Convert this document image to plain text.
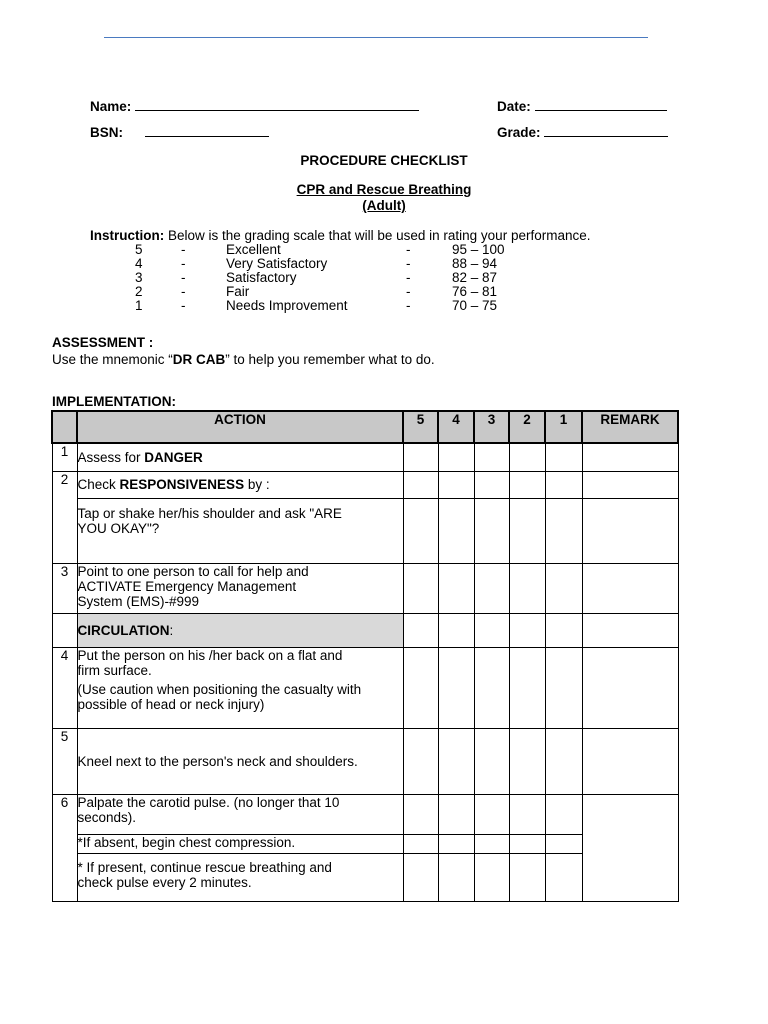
Name:	Date:
BSN:	Grade:
PROCEDURE CHECKLIST
CPR and Rescue Breathing
(Adult)
Instruction: Below is the grading scale that will be used in rating your performance.
5	-	Excellent	-	95 – 100
4	-	Very Satisfactory	-	88 – 94
3	-	Satisfactory	-	82 – 87
2	-	Fair	-	76 – 81
1	-	Needs Improvement	-	70 – 75
ASSESSMENT :
Use the mnemonic “DR CAB” to help you remember what to do.
IMPLEMENTATION:
	ACTION	5	4	3	2	1	REMARK
1	Assess for DANGER						
2	Check RESPONSIVENESS by :						

	Tap or shake her/his shoulder and ask "ARE
YOU OKAY"?						

3	Point to one person to call for help and
ACTIVATE Emergency Management
System (EMS)-#999						

	CIRCULATION:						
4	Put the person on his /her back on a flat and
firm surface.
(Use caution when positioning the casualty with
possible of head or neck injury)						

5	Kneel next to the person's neck and shoulders.						
6	Palpate the carotid pulse. (no longer that 10
seconds).						

	*If absent, begin chest compression.						

	* If present, continue rescue breathing and
check pulse every 2 minutes.						
